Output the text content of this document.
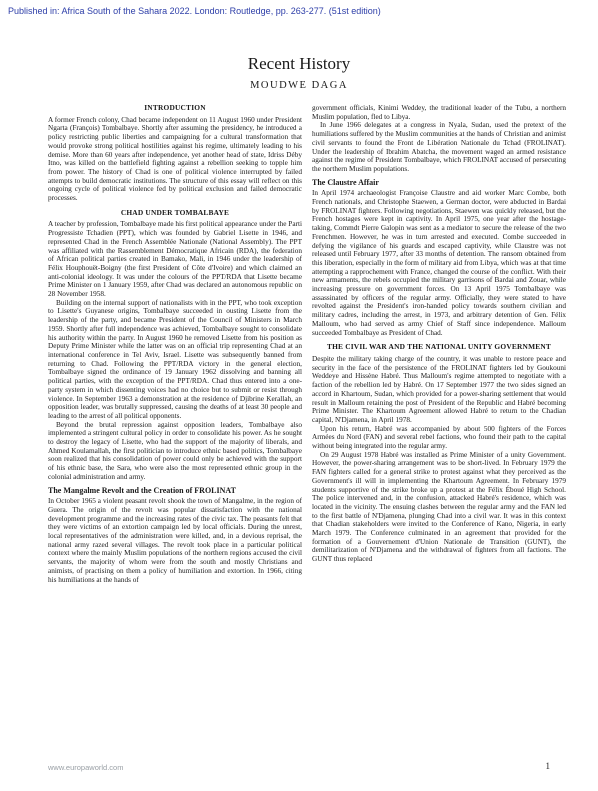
Published in: Africa South of the Sahara 2022. London: Routledge, pp. 263-277. (51st edition)
Recent History
MOUDWE DAGA
INTRODUCTION

A former French colony, Chad became independent on 11 August 1960 under President Ngarta (François) Tombalbaye. Shortly after assuming the presidency, he introduced a policy restricting public liberties and campaigning for a cultural transformation that would provoke strong political hostilities against his regime, ultimately leading to his demise. More than 60 years after independence, yet another head of state, Idriss Déby Itno, was killed on the battlefield fighting against a rebellion seeking to topple him from power. The history of Chad is one of political violence interrupted by failed attempts to build democratic institutions. The structure of this essay will reflect on this ongoing cycle of political violence fed by political exclusion and failed democratic processes.

CHAD UNDER TOMBALBAYE

A teacher by profession, Tombalbaye made his first political appearance under the Parti Progressiste Tchadien (PPT), which was founded by Gabriel Lisette in 1946, and represented Chad in the French Assemblée Nationale (National Assembly). The PPT was affiliated with the Rassemblement Démocratique Africain (RDA), the federation of African political parties created in Bamako, Mali, in 1946 under the leadership of Félix Houphouët-Boigny (the first President of Côte d'Ivoire) and which claimed an anti-colonial ideology. It was under the colours of the PPT/RDA that Lisette became Prime Minister on 1 January 1959, after Chad was declared an autonomous republic on 28 November 1958.

Building on the internal support of nationalists with in the PPT, who took exception to Lisette's Guyanese origins, Tombalbaye succeeded in ousting Lisette from the leadership of the party, and became President of the Council of Ministers in March 1959. Shortly after full independence was achieved, Tombalbaye sought to consolidate his authority within the party. In August 1960 he removed Lisette from his position as Deputy Prime Minister while the latter was on an official trip representing Chad at an international conference in Tel Aviv, Israel. Lisette was subsequently banned from returning to Chad. Following the PPT/RDA victory in the general election, Tombalbaye signed the ordinance of 19 January 1962 dissolving and banning all political parties, with the exception of the PPT/RDA. Chad thus entered into a one-party system in which dissenting voices had no choice but to submit or resist through violence. In September 1963 a demonstration at the residence of Djibrine Kerallah, an opposition leader, was brutally suppressed, causing the deaths of at least 30 people and leading to the arrest of all political opponents.

Beyond the brutal repression against opposition leaders, Tombalbaye also implemented a stringent cultural policy in order to consolidate his power. As he sought to destroy the legacy of Lisette, who had the support of the majority of liberals, and Ahmed Koulamallah, the first politician to introduce ethnic based politics, Tombalbaye soon realized that his consolidation of power could only be achieved with the support of his ethnic base, the Sara, who were also the most represented ethnic group in the colonial administration and army.

The Mangalme Revolt and the Creation of FROLINAT

In October 1965 a violent peasant revolt shook the town of Mangalme, in the region of Guera. The origin of the revolt was popular dissatisfaction with the national development programme and the increasing rates of the civic tax. The peasants felt that they were victims of an extortion campaign led by local officials. During the unrest, local representatives of the administration were killed, and, in a devious reprisal, the national army razed several villages. The revolt took place in a particular political context where the mainly Muslim populations of the northern regions accused the civil servants, the majority of whom were from the south and mostly Christians and animists, of practising on them a policy of humiliation and extortion. In 1966, citing his humiliations at the hands of

government officials, Kinimi Weddey, the traditional leader of the Tubu, a northern Muslim population, fled to Libya.

In June 1966 delegates at a congress in Nyala, Sudan, used the pretext of the humiliations suffered by the Muslim communities at the hands of Christian and animist civil servants to found the Front de Libération Nationale du Tchad (FROLINAT). Under the leadership of Ibrahim Abatcha, the movement waged an armed resistance against the regime of President Tombalbaye, which FROLINAT accused of persecuting the northern Muslim populations.

The Claustre Affair

In April 1974 archaeologist Françoise Claustre and aid worker Marc Combe, both French nationals, and Christophe Staewen, a German doctor, were abducted in Bardai by FROLINAT fighters. Following negotiations, Staewen was quickly released, but the French hostages were kept in captivity. In April 1975, one year after the hostage-taking, Commdt Pierre Galopin was sent as a mediator to secure the release of the two Frenchmen. However, he was in turn arrested and executed. Combe succeeded in defying the vigilance of his guards and escaped captivity, while Claustre was not released until February 1977, after 33 months of detention. The ransom obtained from this liberation, especially in the form of military aid from Libya, which was at that time attempting a rapprochement with France, changed the course of the conflict. With their new armaments, the rebels occupied the military garrisons of Bardai and Zouar, while increasing pressure on government forces. On 13 April 1975 Tombalbaye was assassinated by officers of the regular army. Officially, they were stated to have revolted against the President's iron-handed policy towards southern civilian and military cadres, including the arrest, in 1973, and arbitrary detention of Gen. Félix Malloum, who had served as army Chief of Staff since independence. Malloum succeeded Tombalbaye as President of Chad.

THE CIVIL WAR AND THE NATIONAL UNITY GOVERNMENT

Despite the military taking charge of the country, it was unable to restore peace and security in the face of the persistence of the FROLINAT fighters led by Goukouni Weddeye and Hissène Habré. Thus Malloum's regime attempted to negotiate with a faction of the rebellion led by Habré. On 17 September 1977 the two sides signed an accord in Khartoum, Sudan, which provided for a power-sharing settlement that would result in Malloum retaining the post of President of the Republic and Habré becoming Prime Minister. The Khartoum Agreement allowed Habré to return to the Chadian capital, N'Djamena, in April 1978.

Upon his return, Habré was accompanied by about 500 fighters of the Forces Armées du Nord (FAN) and several rebel factions, who found their path to the capital without being integrated into the regular army.

On 29 August 1978 Habré was installed as Prime Minister of a unity Government. However, the power-sharing arrangement was to be short-lived. In February 1979 the FAN fighters called for a general strike to protest against what they perceived as the Government's ill will in implementing the Khartoum Agreement. In February 1979 students supportive of the strike broke up a protest at the Félix Éboué High School. The police intervened and, in the confusion, attacked Habré's residence, which was located in the vicinity. The ensuing clashes between the regular army and the FAN led to the first battle of N'Djamena, plunging Chad into a civil war. It was in this context that Chadian stakeholders were invited to the Conference of Kano, Nigeria, in early March 1979. The Conference culminated in an agreement that provided for the formation of a Gouvernement d'Union Nationale de Transition (GUNT), the demilitarization of N'Djamena and the withdrawal of fighters from all factions. The GUNT thus replaced

www.europaworld.com	1
